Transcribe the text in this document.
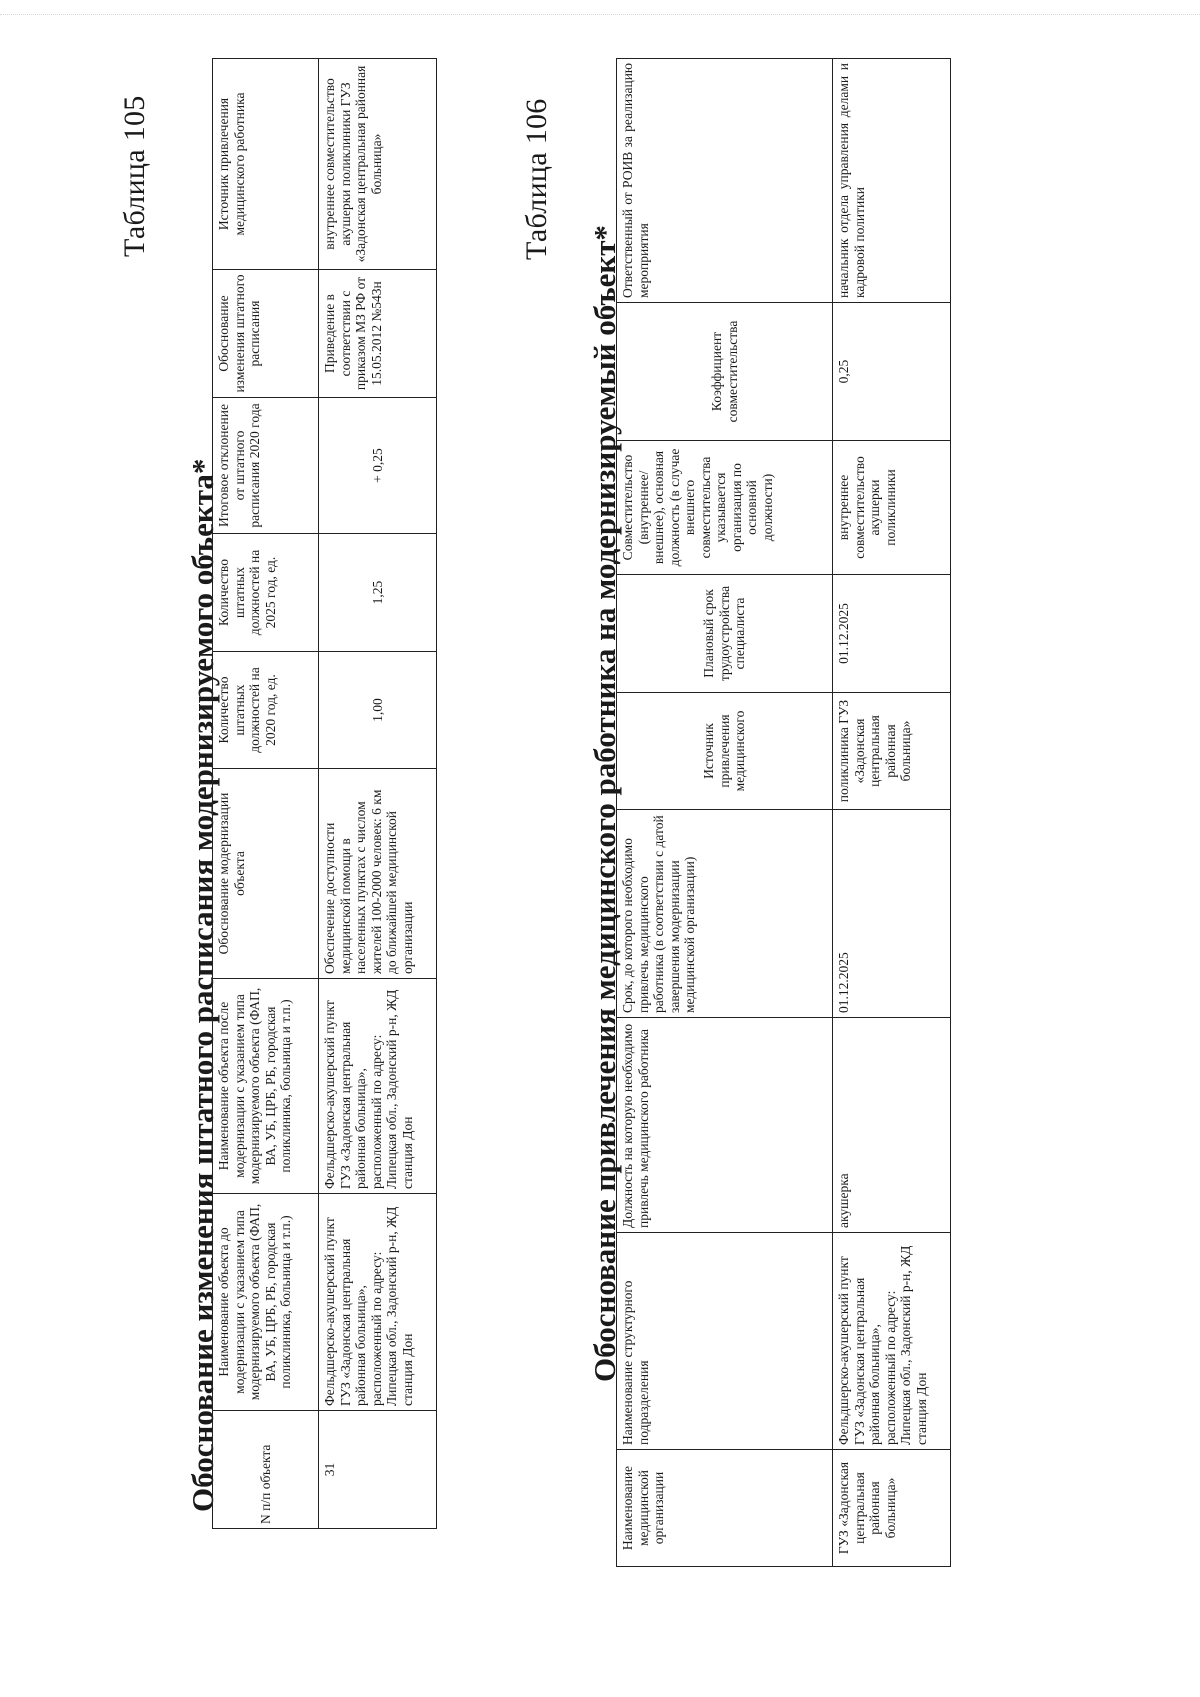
Таблица 105
Обоснование изменения штатного расписания модернизируемого объекта*	N п/п объекта	Наименование объекта до модернизации с указанием типа модернизируемого объекта (ФАП, ВА, УБ, ЦРБ, РБ, городская поликлиника, больница и т.п.)	Наименование объекта после модернизации с указанием типа модернизируемого объекта (ФАП, ВА, УБ, ЦРБ, РБ, городская поликлиника, больница и т.п.)	Обоснование модернизации объекта	Количество штатных должностей на 2020 год, ед.	Количество штатных должностей на 2025 год, ед.	Итоговое отклонение от штатного расписания 2020 года	Обоснование изменения штатного расписания	Источник привлечения медицинского работника
31	Фельдшерско-акушерский пункт ГУЗ «Задонская центральная районная больница», расположенный по адресу: Липецкая обл., Задонский р-н, ЖД станция Дон	Фельдшерско-акушерский пункт ГУЗ «Задонская центральная районная больница», расположенный по адресу: Липецкая обл., Задонский р-н, ЖД станция Дон	Обеспечение доступности медицинской помощи в населенных пунктах с числом жителей 100-2000 человек: 6 км до ближайшей медицинской организации	1,00	1,25	+ 0,25	Приведение в соответствии с приказом МЗ РФ от 15.05.2012 №543н	внутреннее совместительство акушерки поликлиники ГУЗ «Задонская центральная районная больница»	Таблица 106
Обоснование привлечения медицинского работника на модернизируемый объект*
Наименование медицинской организации	Наименование структурного подразделения	Должность на которую необходимо привлечь медицинского работника	Срок, до которого необходимо привлечь медицинского работника (в соответствии с датой завершения модернизации медицинской организации)	Источник привлечения медицинского	Плановый срок трудоустройства специалиста	Совместительство (внутреннее/внешнее), основная должность (в случае внешнего совместительства указывается организация по основной должности)	Коэффициент совместительства	Ответственный от РОИВ за реализацию мероприятия
ГУЗ «Задонская центральная районная больница»	Фельдшерско-акушерский пункт ГУЗ «Задонская центральная районная больница», расположенный по адресу: Липецкая обл., Задонский р-н, ЖД станция Дон	акушерка	01.12.2025	поликлиника ГУЗ «Задонская центральная районная больница»	01.12.2025	внутреннее совместительство акушерки поликлиники	0,25	начальник отдела управления делами и кадровой политики
